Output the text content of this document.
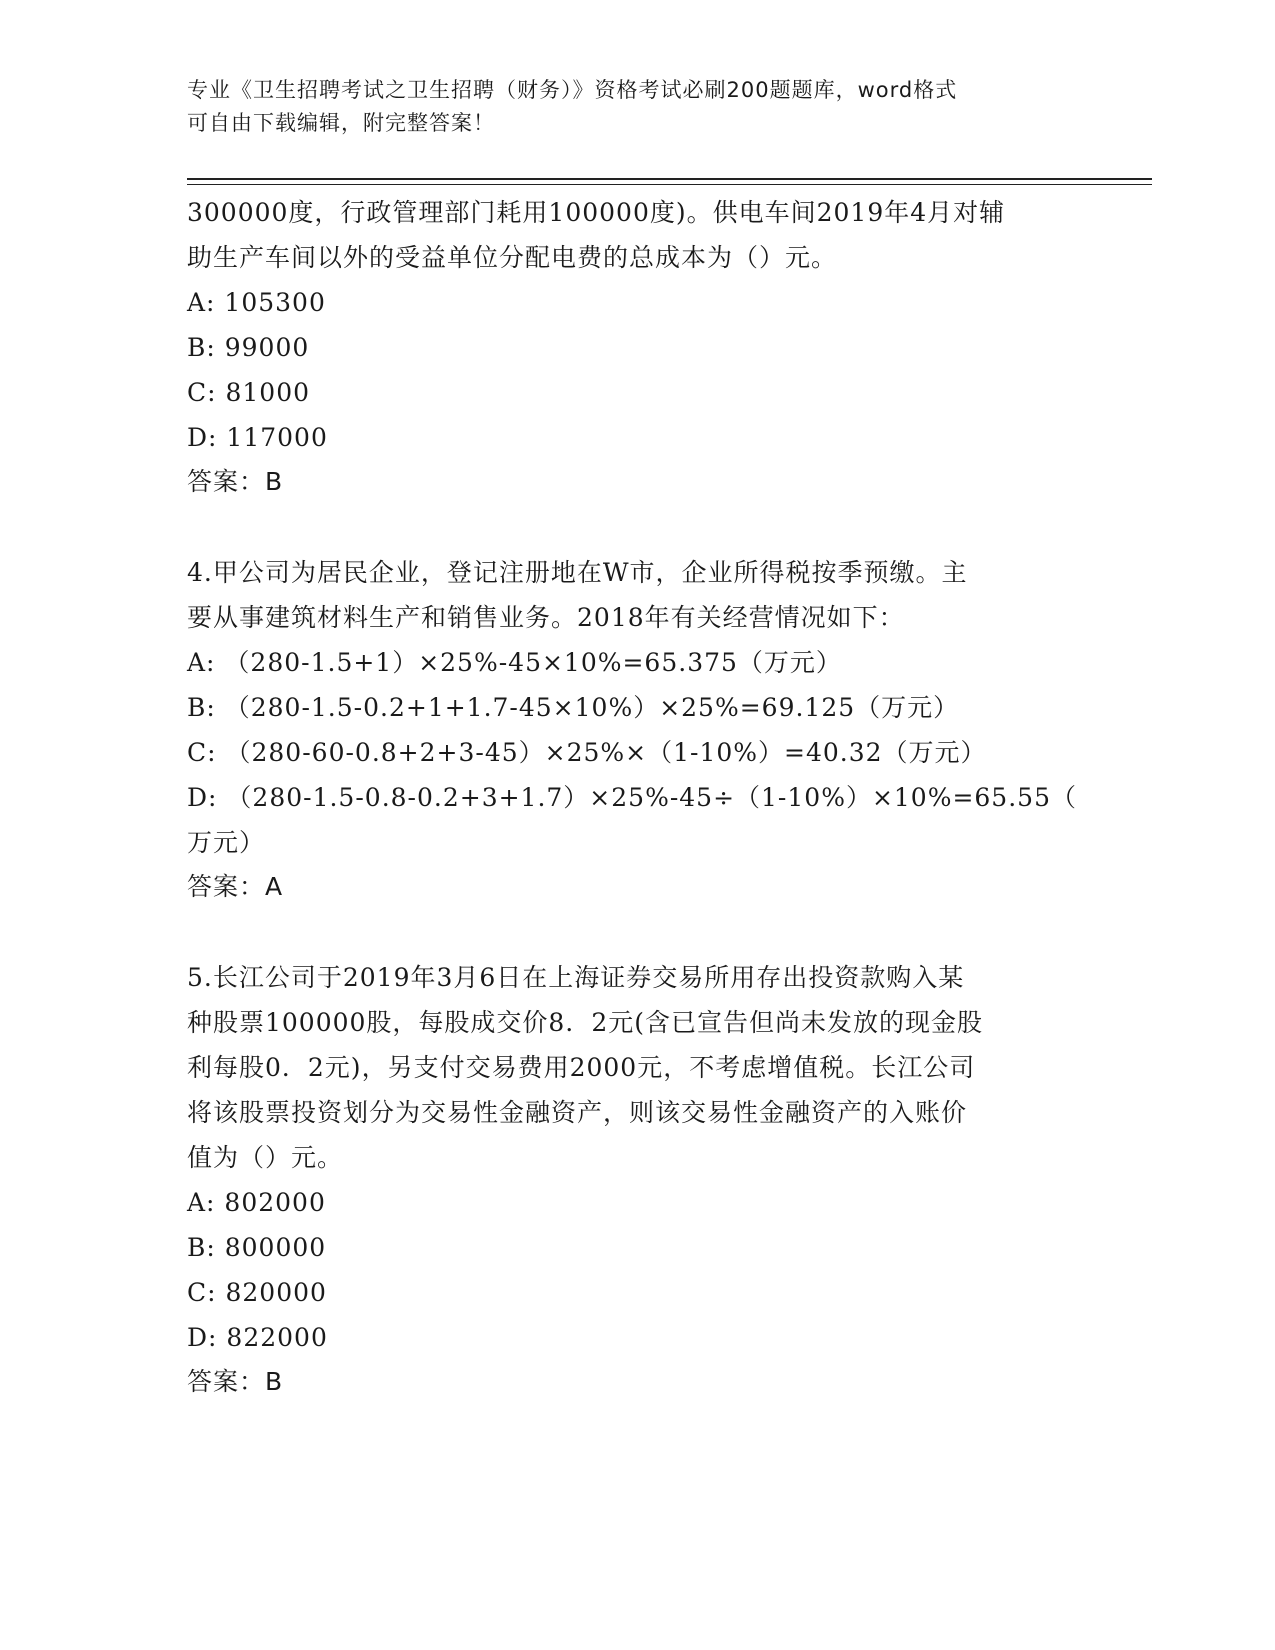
专业《卫生招聘考试之卫生招聘（财务）》资格考试必刷200题题库，word格式
可自由下载编辑，附完整答案！
300000度，行政管理部门耗用100000度)。供电车间2019年4月对辅
助生产车间以外的受益单位分配电费的总成本为（）元。
A: 105300
B: 99000
C: 81000
D: 117000
答案：B
4.甲公司为居民企业，登记注册地在W市，企业所得税按季预缴。主
要从事建筑材料生产和销售业务。2018年有关经营情况如下：
A: （280-1.5+1）×25%-45×10%=65.375（万元）
B: （280-1.5-0.2+1+1.7-45×10%）×25%=69.125（万元）
C: （280-60-0.8+2+3-45）×25%×（1-10%）=40.32（万元）
D: （280-1.5-0.8-0.2+3+1.7）×25%-45÷（1-10%）×10%=65.55（
万元）
答案：A
5.长江公司于2019年3月6日在上海证券交易所用存出投资款购入某
种股票100000股，每股成交价8．2元(含已宣告但尚未发放的现金股
利每股0．2元)，另支付交易费用2000元，不考虑增值税。长江公司
将该股票投资划分为交易性金融资产，则该交易性金融资产的入账价
值为（）元。
A: 802000
B: 800000
C: 820000
D: 822000
答案：B
